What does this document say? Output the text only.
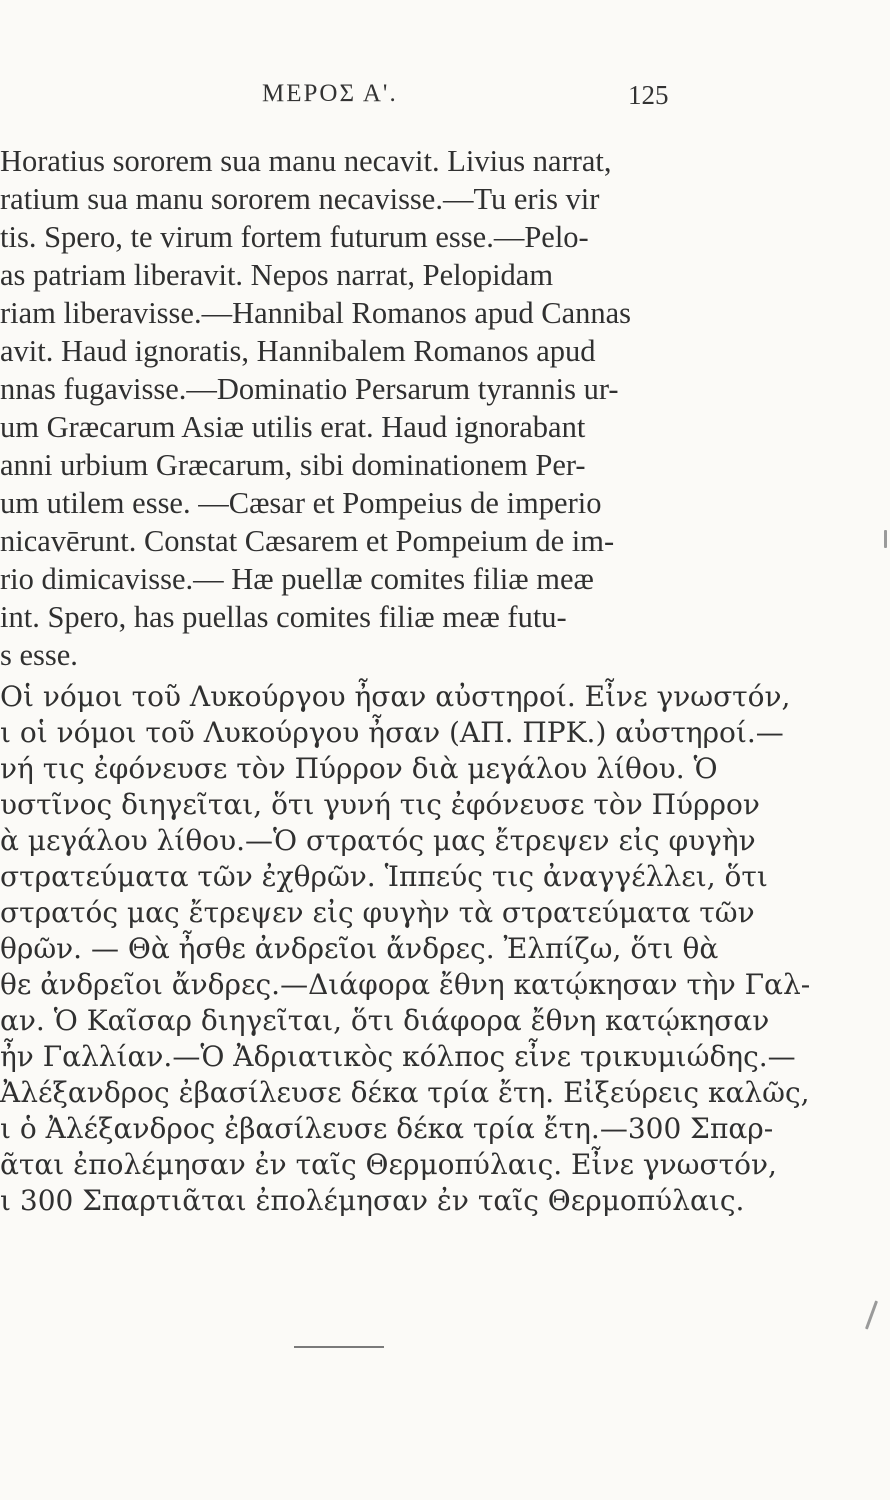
ΜΕΡΟΣ Α'.	125
Horatius sororem sua manu necavit. Livius narrat,
ratium sua manu sororem necavisse.—Tu eris vir
tis. Spero, te virum fortem futurum esse.—Pelo-
as patriam liberavit. Nepos narrat, Pelopidam
riam liberavisse.—Hannibal Romanos apud Cannas
avit. Haud ignoratis, Hannibalem Romanos apud
nnas fugavisse.—Dominatio Persarum tyrannis ur-
um Græcarum Asiæ utilis erat. Haud ignorabant
anni urbium Græcarum, sibi dominationem Per-
um utilem esse. —Cæsar et Pompeius de imperio
nicavērunt. Constat Cæsarem et Pompeium de im-
rio dimicavisse.— Hæ puellæ comites filiæ meæ
int. Spero, has puellas comites filiæ meæ futu-
s esse.
Οἱ νόμοι τοῦ Λυκούργου ἦσαν αὐστηροί. Εἶνε γνωστόν,
ι οἱ νόμοι τοῦ Λυκούργου ἦσαν (ΑΠ. ΠΡΚ.) αὐστηροί.—
νή τις ἐφόνευσε τὸν Πύρρον διὰ μεγάλου λίθου. Ὁ
υστῖνος διηγεῖται, ὅτι γυνή τις ἐφόνευσε τὸν Πύρρον
ὰ μεγάλου λίθου.—Ὁ στρατός μας ἔτρεψεν εἰς φυγὴν
στρατεύματα τῶν ἐχθρῶν. Ἱππεύς τις ἀναγγέλλει, ὅτι
στρατός μας ἔτρεψεν εἰς φυγὴν τὰ στρατεύματα τῶν
θρῶν. — Θὰ ἦσθε ἀνδρεῖοι ἄνδρες. Ἐλπίζω, ὅτι θὰ
θε ἀνδρεῖοι ἄνδρες.—Διάφορα ἔθνη κατῴκησαν τὴν Γαλ-
αν. Ὁ Καῖσαρ διηγεῖται, ὅτι διάφορα ἔθνη κατῴκησαν
ἦν Γαλλίαν.—Ὁ Ἀδριατικὸς κόλπος εἶνε τρικυμιώδης.—
Ἀλέξανδρος ἐβασίλευσε δέκα τρία ἔτη. Εἰξεύρεις καλῶς,
ι ὁ Ἀλέξανδρος ἐβασίλευσε δέκα τρία ἔτη.—300 Σπαρ-
ᾶται ἐπολέμησαν ἐν ταῖς Θερμοπύλαις. Εἶνε γνωστόν,
ι 300 Σπαρτιᾶται ἐπολέμησαν ἐν ταῖς Θερμοπύλαις.
